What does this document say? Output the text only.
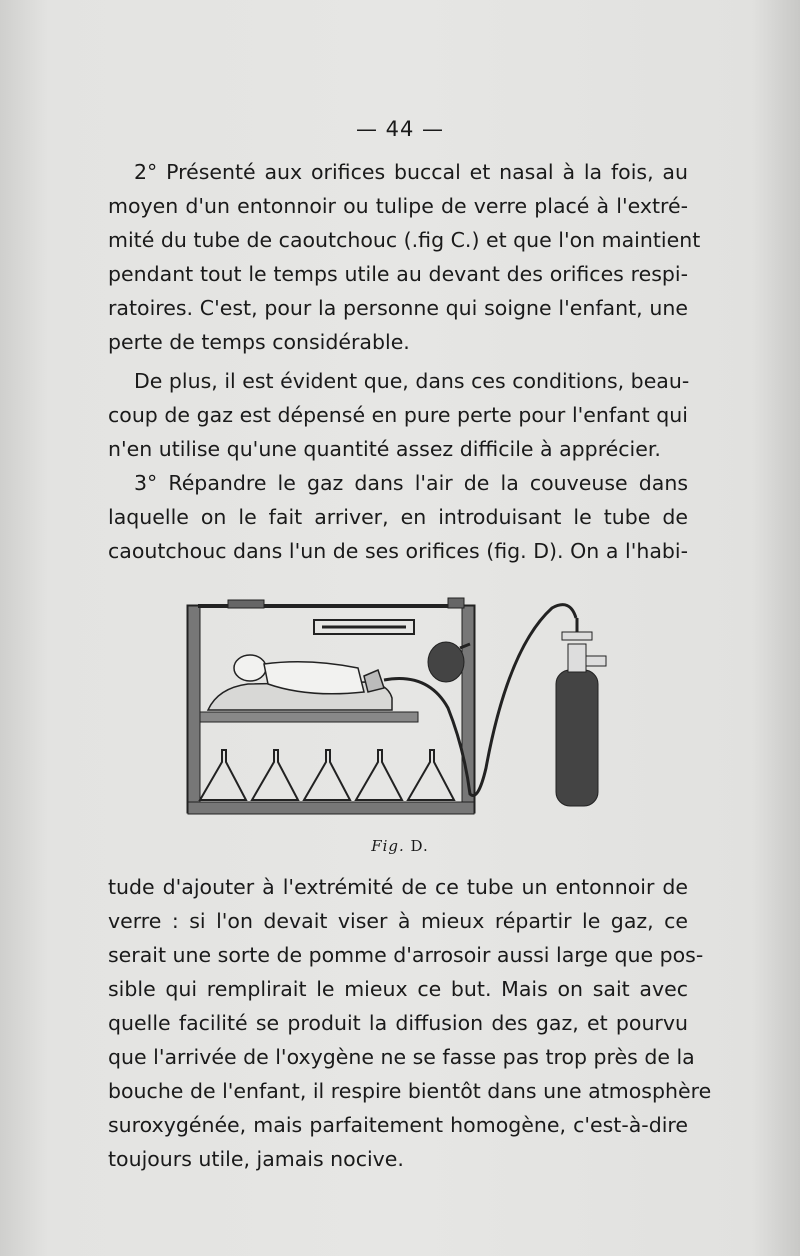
— 44 —
2° Présenté aux orifices buccal et nasal à la fois, au
moyen d'un entonnoir ou tulipe de verre placé à l'extré-
mité du tube de caoutchouc (.fig C.) et que l'on maintient
pendant tout le temps utile au devant des orifices respi-
ratoires. C'est, pour la personne qui soigne l'enfant, une
perte de temps considérable.
De plus, il est évident que, dans ces conditions, beau-
coup de gaz est dépensé en pure perte pour l'enfant qui
n'en utilise qu'une quantité assez difficile à apprécier.
3° Répandre le gaz dans l'air de la couveuse dans
laquelle on le fait arriver, en introduisant le tube de
caoutchouc dans l'un de ses orifices (fig. D). On a l'habi-
Fig. D.
tude d'ajouter à l'extrémité de ce tube un entonnoir de
verre : si l'on devait viser à mieux répartir le gaz, ce
serait une sorte de pomme d'arrosoir aussi large que pos-
sible qui remplirait le mieux ce but. Mais on sait avec
quelle facilité se produit la diffusion des gaz, et pourvu
que l'arrivée de l'oxygène ne se fasse pas trop près de la
bouche de l'enfant, il respire bientôt dans une atmosphère
suroxygénée, mais parfaitement homogène, c'est-à-dire
toujours utile, jamais nocive.
